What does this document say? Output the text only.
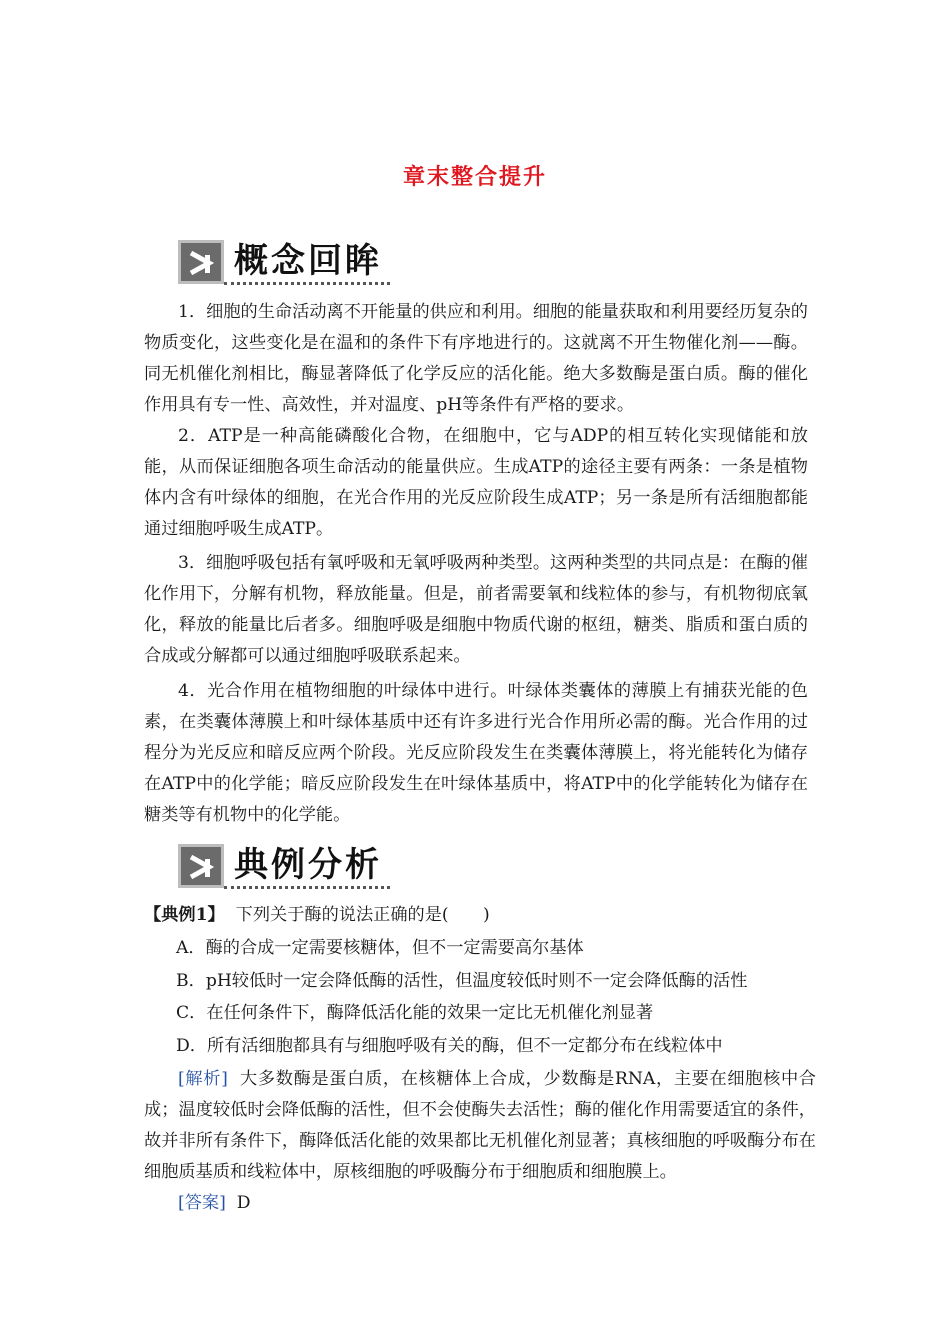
章末整合提升
概念回眸
1．细胞的生命活动离不开能量的供应和利用。细胞的能量获取和利用要经历复杂的物质变化，这些变化是在温和的条件下有序地进行的。这就离不开生物催化剂——酶。同无机催化剂相比，酶显著降低了化学反应的活化能。绝大多数酶是蛋白质。酶的催化作用具有专一性、高效性，并对温度、pH等条件有严格的要求。
2．ATP是一种高能磷酸化合物，在细胞中，它与ADP的相互转化实现储能和放能，从而保证细胞各项生命活动的能量供应。生成ATP的途径主要有两条：一条是植物体内含有叶绿体的细胞，在光合作用的光反应阶段生成ATP；另一条是所有活细胞都能通过细胞呼吸生成ATP。
3．细胞呼吸包括有氧呼吸和无氧呼吸两种类型。这两种类型的共同点是：在酶的催化作用下，分解有机物，释放能量。但是，前者需要氧和线粒体的参与，有机物彻底氧化，释放的能量比后者多。细胞呼吸是细胞中物质代谢的枢纽，糖类、脂质和蛋白质的合成或分解都可以通过细胞呼吸联系起来。
4．光合作用在植物细胞的叶绿体中进行。叶绿体类囊体的薄膜上有捕获光能的色素，在类囊体薄膜上和叶绿体基质中还有许多进行光合作用所必需的酶。光合作用的过程分为光反应和暗反应两个阶段。光反应阶段发生在类囊体薄膜上，将光能转化为储存在ATP中的化学能；暗反应阶段发生在叶绿体基质中，将ATP中的化学能转化为储存在糖类等有机物中的化学能。
典例分析
【典例1】 下列关于酶的说法正确的是(　　)
A．酶的合成一定需要核糖体，但不一定需要高尔基体
B．pH较低时一定会降低酶的活性，但温度较低时则不一定会降低酶的活性
C．在任何条件下，酶降低活化能的效果一定比无机催化剂显著
D．所有活细胞都具有与细胞呼吸有关的酶，但不一定都分布在线粒体中
[解析] 大多数酶是蛋白质，在核糖体上合成，少数酶是RNA，主要在细胞核中合成；温度较低时会降低酶的活性，但不会使酶失去活性；酶的催化作用需要适宜的条件，故并非所有条件下，酶降低活化能的效果都比无机催化剂显著；真核细胞的呼吸酶分布在细胞质基质和线粒体中，原核细胞的呼吸酶分布于细胞质和细胞膜上。
[答案] D
